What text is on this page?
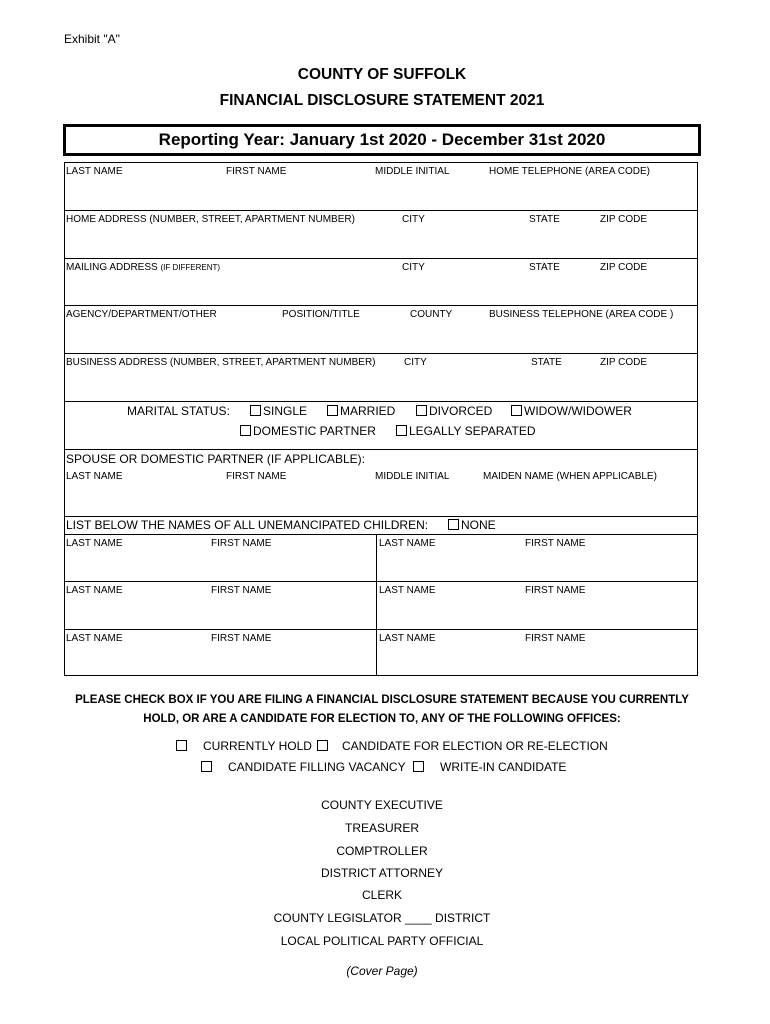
Exhibit "A"
COUNTY OF SUFFOLK
FINANCIAL DISCLOSURE STATEMENT 2021
Reporting Year: January 1st 2020 - December 31st 2020
LAST NAME	FIRST NAME	MIDDLE INITIAL	HOME TELEPHONE (AREA CODE)
HOME ADDRESS (NUMBER, STREET, APARTMENT NUMBER)	CITY	STATE	ZIP CODE
MAILING ADDRESS (IF DIFFERENT)	CITY	STATE	ZIP CODE
AGENCY/DEPARTMENT/OTHER	POSITION/TITLE	COUNTY	BUSINESS TELEPHONE (AREA CODE )
BUSINESS ADDRESS (NUMBER, STREET, APARTMENT NUMBER)	CITY	STATE	ZIP CODE
MARITAL STATUS:	SINGLE	MARRIED	DIVORCED	WIDOW/WIDOWER
DOMESTIC PARTNER	LEGALLY SEPARATED
SPOUSE OR DOMESTIC PARTNER (IF APPLICABLE):
LAST NAME	FIRST NAME	MIDDLE INITIAL	MAIDEN NAME (WHEN APPLICABLE)
LIST BELOW THE NAMES OF ALL UNEMANCIPATED CHILDREN:	NONE
LAST NAME	FIRST NAME	LAST NAME	FIRST NAME
LAST NAME	FIRST NAME	LAST NAME	FIRST NAME
LAST NAME	FIRST NAME	LAST NAME	FIRST NAME
PLEASE CHECK BOX IF YOU ARE FILING A FINANCIAL DISCLOSURE STATEMENT BECAUSE YOU CURRENTLY
HOLD, OR ARE A CANDIDATE FOR ELECTION TO, ANY OF THE FOLLOWING OFFICES:
CURRENTLY HOLD	CANDIDATE FOR ELECTION OR RE-ELECTION
CANDIDATE FILLING VACANCY	WRITE-IN CANDIDATE
COUNTY EXECUTIVE
TREASURER
COMPTROLLER
DISTRICT ATTORNEY
CLERK
COUNTY LEGISLATOR ____ DISTRICT
LOCAL POLITICAL PARTY OFFICIAL
(Cover Page)
